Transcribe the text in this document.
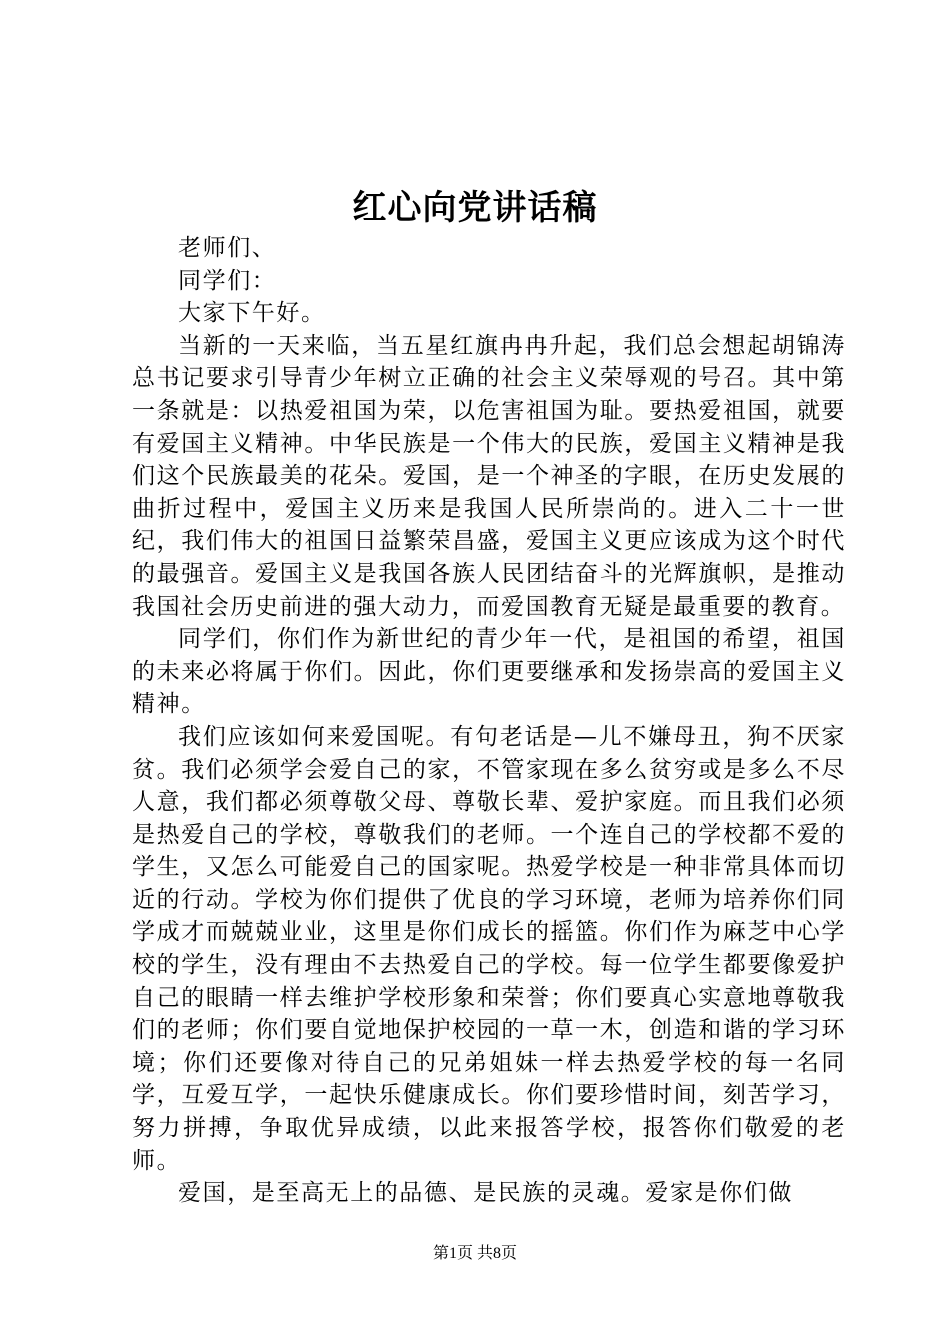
红心向党讲话稿

老师们、

同学们：

大家下午好。

当新的一天来临，当五星红旗冉冉升起，我们总会想起胡锦涛总书记要求引导青少年树立正确的社会主义荣辱观的号召。其中第一条就是：以热爱祖国为荣，以危害祖国为耻。要热爱祖国，就要有爱国主义精神。中华民族是一个伟大的民族，爱国主义精神是我们这个民族最美的花朵。爱国，是一个神圣的字眼，在历史发展的曲折过程中，爱国主义历来是我国人民所崇尚的。进入二十一世纪，我们伟大的祖国日益繁荣昌盛，爱国主义更应该成为这个时代的最强音。爱国主义是我国各族人民团结奋斗的光辉旗帜，是推动我国社会历史前进的强大动力，而爱国教育无疑是最重要的教育。

同学们，你们作为新世纪的青少年一代，是祖国的希望，祖国的未来必将属于你们。因此，你们更要继承和发扬崇高的爱国主义精神。

我们应该如何来爱国呢。有句老话是—儿不嫌母丑，狗不厌家贫。我们必须学会爱自己的家，不管家现在多么贫穷或是多么不尽人意，我们都必须尊敬父母、尊敬长辈、爱护家庭。而且我们必须是热爱自己的学校，尊敬我们的老师。一个连自己的学校都不爱的学生，又怎么可能爱自己的国家呢。热爱学校是一种非常具体而切近的行动。学校为你们提供了优良的学习环境，老师为培养你们同学成才而兢兢业业，这里是你们成长的摇篮。你们作为麻芝中心学校的学生，没有理由不去热爱自己的学校。每一位学生都要像爱护自己的眼睛一样去维护学校形象和荣誉；你们要真心实意地尊敬我们的老师；你们要自觉地保护校园的一草一木，创造和谐的学习环境；你们还要像对待自己的兄弟姐妹一样去热爱学校的每一名同学，互爱互学，一起快乐健康成长。你们要珍惜时间，刻苦学习，努力拼搏，争取优异成绩，以此来报答学校，报答你们敬爱的老师。

爱国，是至高无上的品德、是民族的灵魂。爱家是你们做

第1页 共8页
